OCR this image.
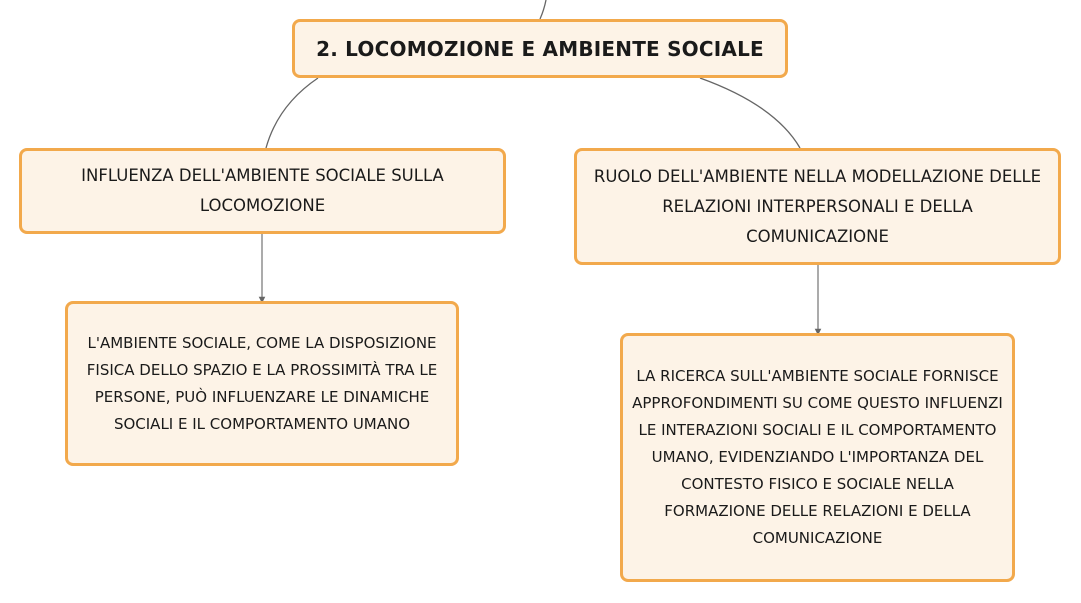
2. LOCOMOZIONE E AMBIENTE SOCIALE
INFLUENZA DELL'AMBIENTE SOCIALE SULLA LOCOMOZIONE
RUOLO DELL'AMBIENTE NELLA MODELLAZIONE DELLE RELAZIONI INTERPERSONALI E DELLA COMUNICAZIONE
L'AMBIENTE SOCIALE, COME LA DISPOSIZIONE FISICA DELLO SPAZIO E LA PROSSIMITÀ TRA LE PERSONE, PUÒ INFLUENZARE LE DINAMICHE SOCIALI E IL COMPORTAMENTO UMANO
LA RICERCA SULL'AMBIENTE SOCIALE FORNISCE APPROFONDIMENTI SU COME QUESTO INFLUENZI LE INTERAZIONI SOCIALI E IL COMPORTAMENTO UMANO, EVIDENZIANDO L'IMPORTANZA DEL CONTESTO FISICO E SOCIALE NELLA FORMAZIONE DELLE RELAZIONI E DELLA COMUNICAZIONE
